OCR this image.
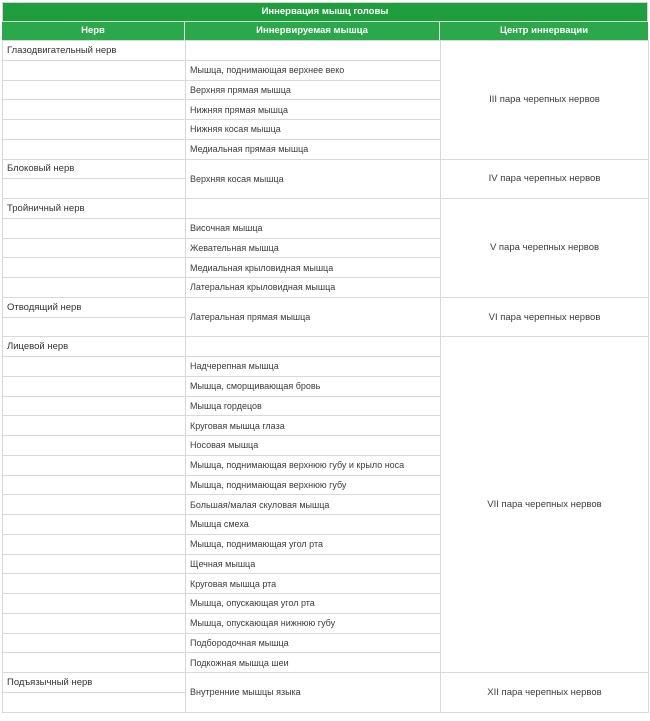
Иннервация мышц головы
Нерв	Иннервируемая мышца	Центр иннервации
Глазодвигательный нерв		III пара черепных нервов
	Мышца, поднимающая верхнее веко	
	Верхняя прямая мышца	
	Нижняя прямая мышца	
	Нижняя косая мышца	
	Медиальная прямая мышца	
Блоковый нерв	Верхняя косая мышца	IV пара черепных нервов

Тройничный нерв		V пара черепных нервов
	Височная мышца	
	Жевательная мышца	
	Медиальная крыловидная мышца	
	Латеральная крыловидная мышца	
Отводящий нерв	Латеральная прямая мышца	VI пара черепных нервов

Лицевой нерв		VII пара черепных нервов
	Надчерепная мышца	
	Мышца, сморщивающая бровь	
	Мышца гордецов	
	Круговая мышца глаза	
	Носовая мышца	
	Мышца, поднимающая верхнюю губу и крыло носа	
	Мышца, поднимающая верхнюю губу	
	Большая/малая скуловая мышца	
	Мышца смеха	
	Мышца, поднимающая угол рта	
	Щечная мышца	
	Круговая мышца рта	
	Мышца, опускающая угол рта	
	Мышца, опускающая нижнюю губу	
	Подбородочная мышца	
	Подкожная мышца шеи	
Подъязычный нерв	Внутренние мышцы языка	XII пара черепных нервов
